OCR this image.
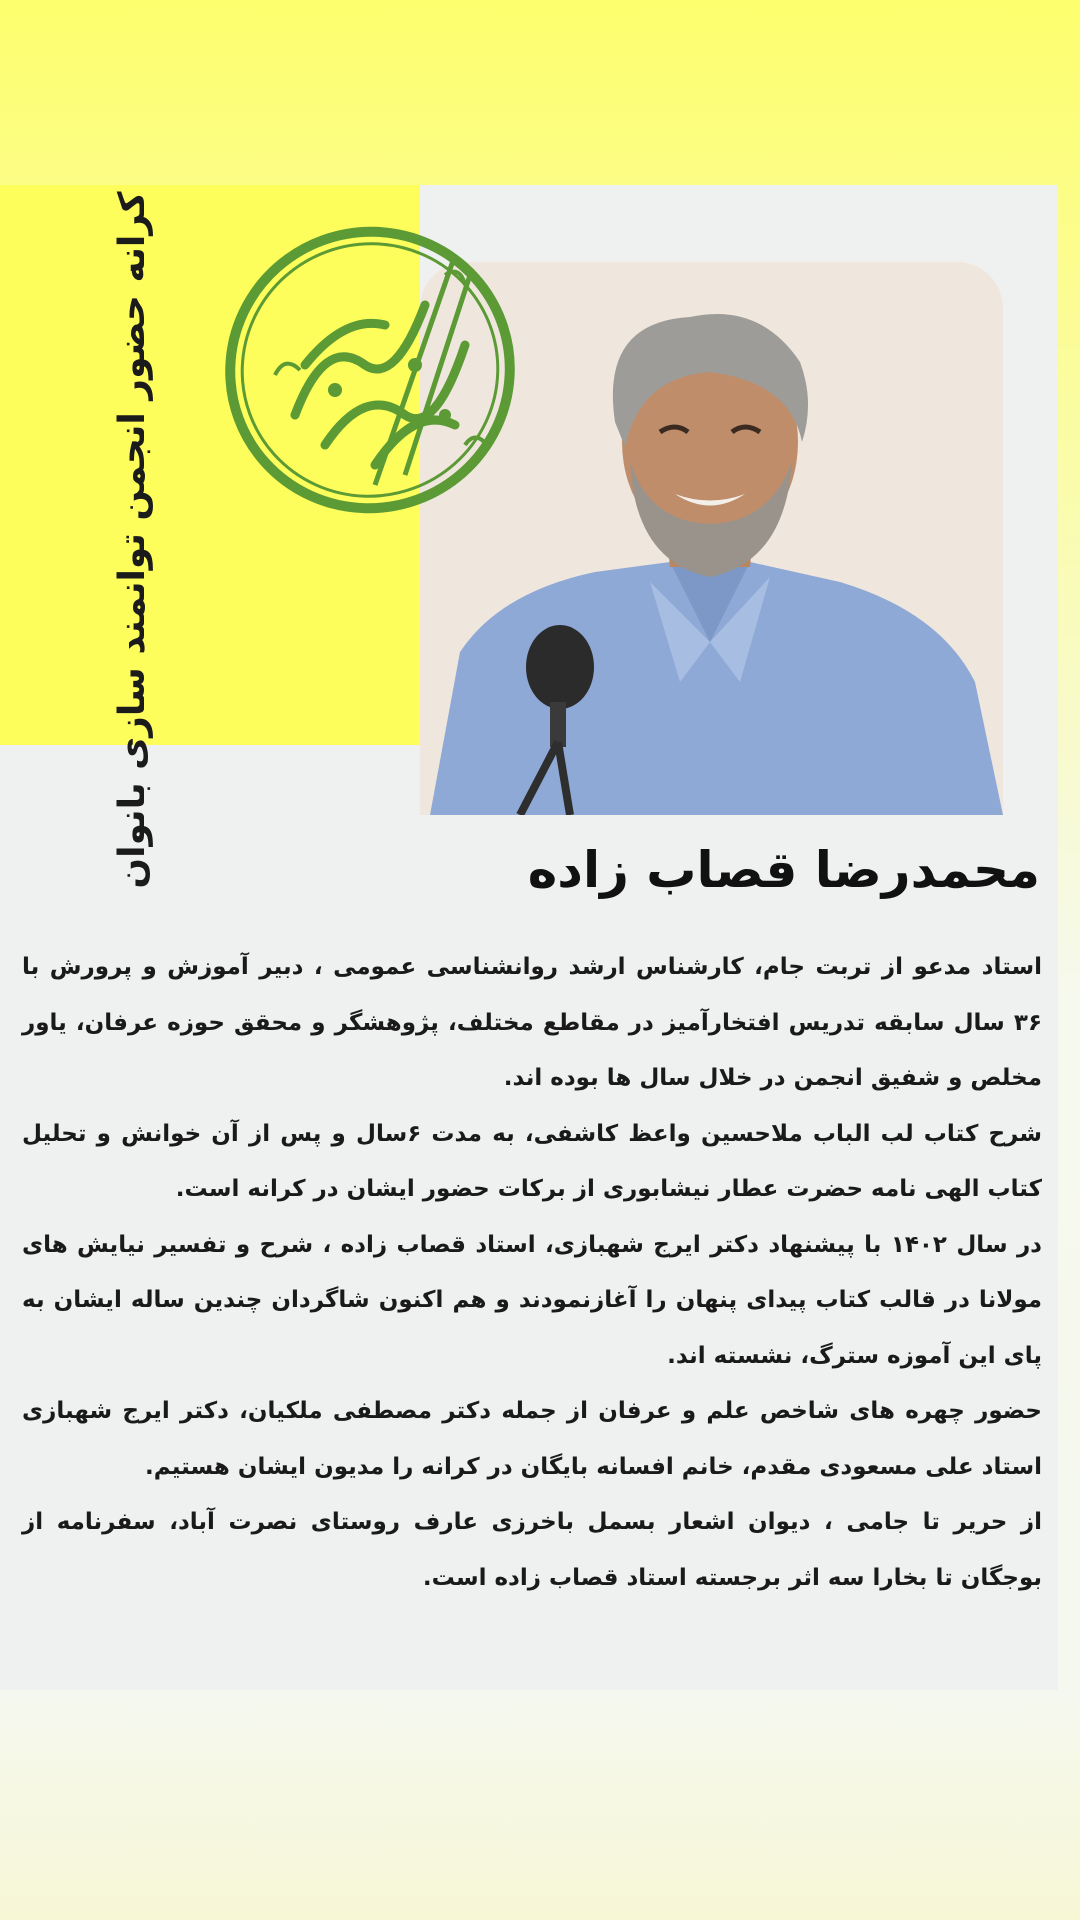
کرانه حضور انجمن توانمند سازی بانوان	محمدرضا قصاب زاده

استاد مدعو از تربت جام، کارشناس ارشد روانشناسی عمومی ، دبیر آموزش و پرورش با ۳۶ سال سابقه تدریس افتخارآمیز در مقاطع مختلف، پژوهشگر و محقق حوزه عرفان، یاور مخلص و شفیق انجمن در خلال سال ها بوده اند.

شرح کتاب لب الباب ملاحسین واعظ کاشفی، به مدت ۶سال و پس از آن خوانش و تحلیل کتاب الهی نامه حضرت عطار نیشابوری از برکات حضور ایشان در کرانه است.

در سال ۱۴۰۲ با پیشنهاد دکتر ایرج شهبازی، استاد قصاب زاده ، شرح و تفسیر نیایش های مولانا در قالب کتاب پیدای پنهان را آغازنمودند و هم اکنون شاگردان چندین ساله ایشان به پای این آموزه سترگ، نشسته اند.

حضور چهره های شاخص علم و عرفان از جمله دکتر مصطفی ملکیان، دکتر ایرج شهبازی استاد علی مسعودی مقدم، خانم افسانه بایگان در کرانه را مدیون ایشان هستیم.

از حریر تا جامی ، دیوان اشعار بسمل باخرزی عارف روستای نصرت آباد، سفرنامه از بوجگان تا بخارا سه اثر برجسته استاد قصاب زاده است.
